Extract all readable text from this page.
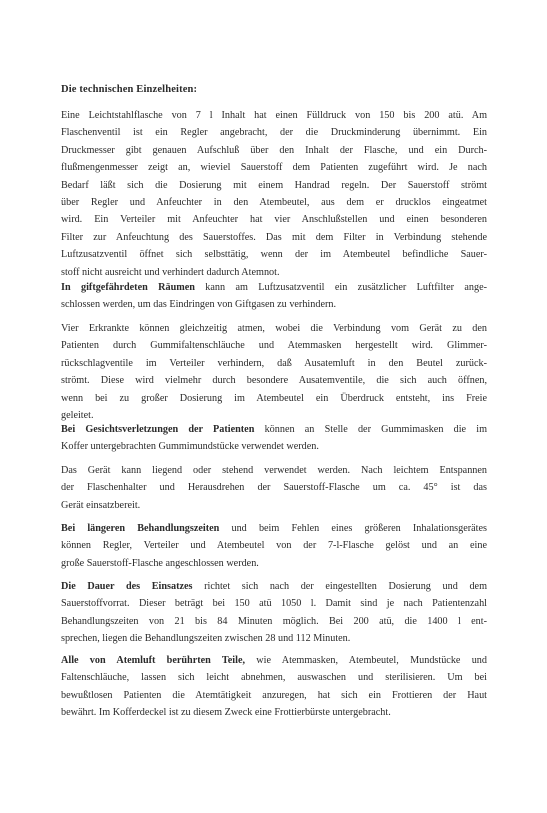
Die technischen Einzelheiten:

Eine Leichtstahlflasche von 7 l Inhalt hat einen Fülldruck von 150 bis 200 atü. Am
Flaschenventil ist ein Regler angebracht, der die Druckminderung übernimmt. Ein
Druckmesser gibt genauen Aufschluß über den Inhalt der Flasche, und ein Durch-
flußmengenmesser zeigt an, wieviel Sauerstoff dem Patienten zugeführt wird. Je nach
Bedarf läßt sich die Dosierung mit einem Handrad regeln. Der Sauerstoff strömt
über Regler und Anfeuchter in den Atembeutel, aus dem er drucklos eingeatmet
wird. Ein Verteiler mit Anfeuchter hat vier Anschlußstellen und einen besonderen
Filter zur Anfeuchtung des Sauerstoffes. Das mit dem Filter in Verbindung stehende
Luftzusatzventil öffnet sich selbsttätig, wenn der im Atembeutel befindliche Sauer-
stoff nicht ausreicht und verhindert dadurch Atemnot.
In giftgefährdeten Räumen kann am Luftzusatzventil ein zusätzlicher Luftfilter ange-
schlossen werden, um das Eindringen von Giftgasen zu verhindern.
Vier Erkrankte können gleichzeitig atmen, wobei die Verbindung vom Gerät zu den
Patienten durch Gummifaltenschläuche und Atemmasken hergestellt wird. Glimmer-
rückschlagventile im Verteiler verhindern, daß Ausatemluft in den Beutel zurück-
strömt. Diese wird vielmehr durch besondere Ausatemventile, die sich auch öffnen,
wenn bei zu großer Dosierung im Atembeutel ein Überdruck entsteht, ins Freie
geleitet.
Bei Gesichtsverletzungen der Patienten können an Stelle der Gummimasken die im
Koffer untergebrachten Gummimundstücke verwendet werden.
Das Gerät kann liegend oder stehend verwendet werden. Nach leichtem Entspannen
der Flaschenhalter und Herausdrehen der Sauerstoff-Flasche um ca. 45° ist das
Gerät einsatzbereit.
Bei längeren Behandlungszeiten und beim Fehlen eines größeren Inhalationsgerätes
können Regler, Verteiler und Atembeutel von der 7-l-Flasche gelöst und an eine
große Sauerstoff-Flasche angeschlossen werden.
Die Dauer des Einsatzes richtet sich nach der eingestellten Dosierung und dem
Sauerstoffvorrat. Dieser beträgt bei 150 atü 1050 l. Damit sind je nach Patientenzahl
Behandlungszeiten von 21 bis 84 Minuten möglich. Bei 200 atü, die 1400 l ent-
sprechen, liegen die Behandlungszeiten zwischen 28 und 112 Minuten.
Alle von Atemluft berührten Teile, wie Atemmasken, Atembeutel, Mundstücke und
Faltenschläuche, lassen sich leicht abnehmen, auswaschen und sterilisieren. Um bei
bewußtlosen Patienten die Atemtätigkeit anzuregen, hat sich ein Frottieren der Haut
bewährt. Im Kofferdeckel ist zu diesem Zweck eine Frottierbürste untergebracht.
